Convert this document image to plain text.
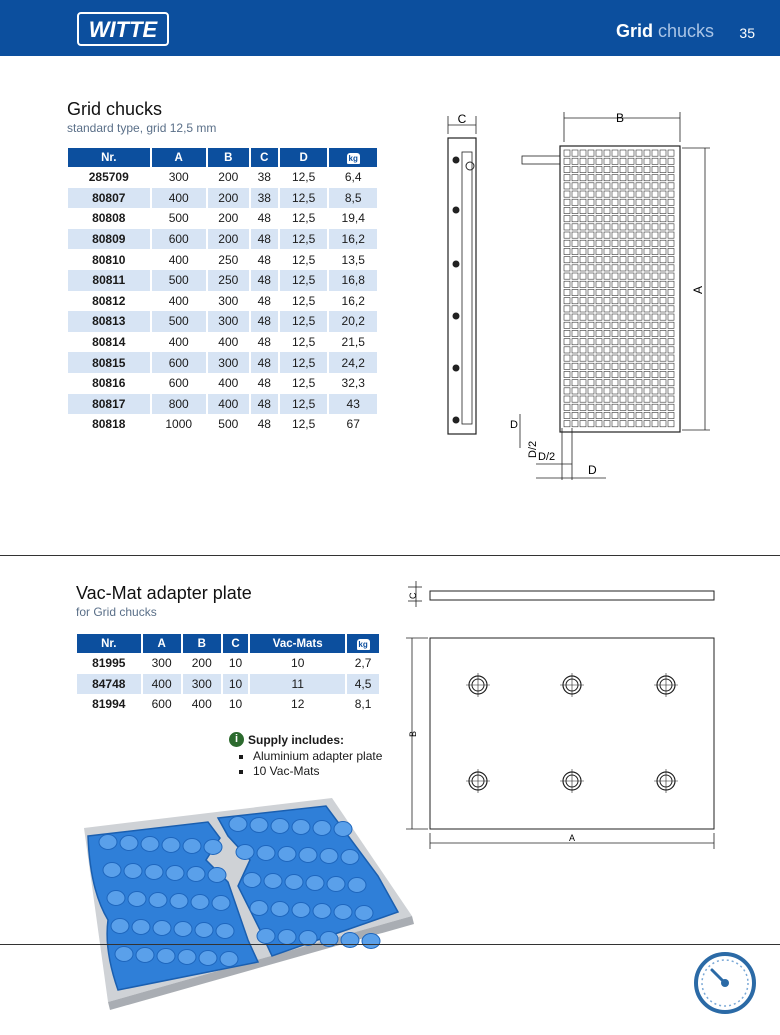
WITTE	Grid chucks 35
Grid chucks
standard type, grid 12,5 mm
Nr.	A	B	C	D	kg
285709	300	200	38	12,5	6,4
80807	400	200	38	12,5	8,5
80808	500	200	48	12,5	19,4
80809	600	200	48	12,5	16,2
80810	400	250	48	12,5	13,5
80811	500	250	48	12,5	16,8
80812	400	300	48	12,5	16,2
80813	500	300	48	12,5	20,2
80814	400	400	48	12,5	21,5
80815	600	300	48	12,5	24,2
80816	600	400	48	12,5	32,3
80817	800	400	48	12,5	43
80818	1000	500	48	12,5	67
C	B
A
D
D/2 D/2
D
Vac-Mat adapter plate
for Grid chucks
Nr.	A	B	C	Vac-Mats	kg
81995	300	200	10	10	2,7
84748	400	300	10	11	4,5
81994	600	400	10	12	8,1
i Supply includes:
▪ Aluminium adapter plate
▪ 10 Vac-Mats
C
B
A
